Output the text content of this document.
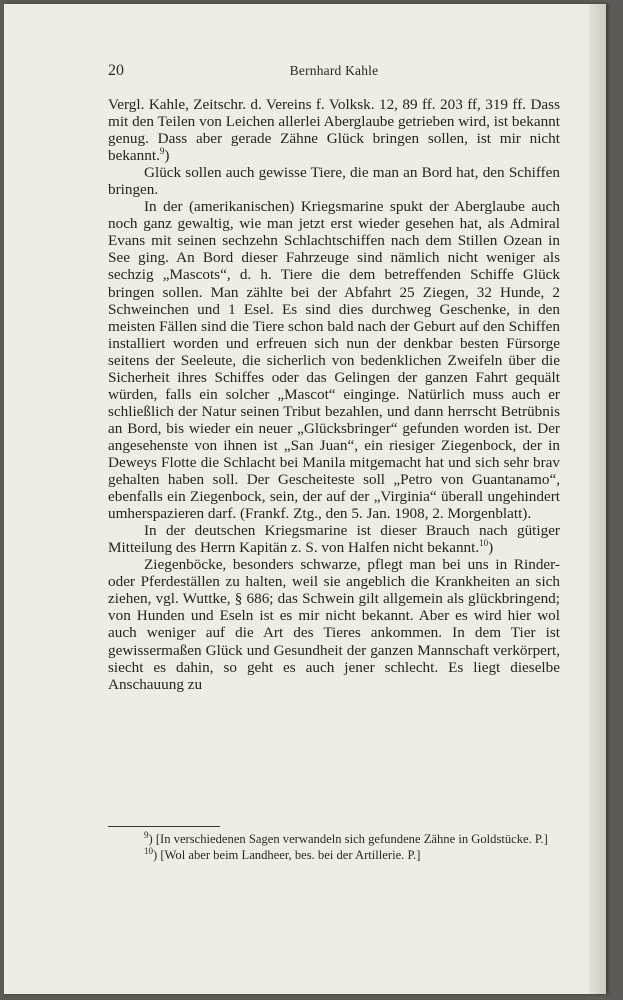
20	Bernhard Kahle

Vergl. Kahle, Zeitschr. d. Vereins f. Volksk. 12, 89 ff. 203 ff, 319 ff. Dass mit den Teilen von Leichen allerlei Aberglaube getrieben wird, ist bekannt genug. Dass aber gerade Zähne Glück bringen sollen, ist mir nicht bekannt.$^9$)

Glück sollen auch gewisse Tiere, die man an Bord hat, den Schiffen bringen.

In der (amerikanischen) Kriegsmarine spukt der Aberglaube auch noch ganz gewaltig, wie man jetzt erst wieder gesehen hat, als Admiral Evans mit seinen sechzehn Schlachtschiffen nach dem Stillen Ozean in See ging. An Bord dieser Fahrzeuge sind nämlich nicht weniger als sechzig „Mascots“, d. h. Tiere die dem betreffenden Schiffe Glück bringen sollen. Man zählte bei der Abfahrt 25 Ziegen, 32 Hunde, 2 Schweinchen und 1 Esel. Es sind dies durchweg Geschenke, in den meisten Fällen sind die Tiere schon bald nach der Geburt auf den Schiffen installiert worden und erfreuen sich nun der denkbar besten Fürsorge seitens der Seeleute, die sicherlich von bedenklichen Zweifeln über die Sicherheit ihres Schiffes oder das Gelingen der ganzen Fahrt gequält würden, falls ein solcher „Mascot“ einginge. Natürlich muss auch er schließlich der Natur seinen Tribut bezahlen, und dann herrscht Betrübnis an Bord, bis wieder ein neuer „Glücksbringer“ gefunden worden ist. Der angesehenste von ihnen ist „San Juan“, ein riesiger Ziegenbock, der in Deweys Flotte die Schlacht bei Manila mitgemacht hat und sich sehr brav gehalten haben soll. Der Gescheiteste soll „Petro von Guantanamo“, ebenfalls ein Ziegenbock, sein, der auf der „Virginia“ überall ungehindert umherspazieren darf. (Frankf. Ztg., den 5. Jan. 1908, 2. Morgenblatt).

In der deutschen Kriegsmarine ist dieser Brauch nach gütiger Mitteilung des Herrn Kapitän z. S. von Halfen nicht bekannt.$^{10}$)

Ziegenböcke, besonders schwarze, pflegt man bei uns in Rinder- oder Pferdeställen zu halten, weil sie angeblich die Krankheiten an sich ziehen, vgl. Wuttke, § 686; das Schwein gilt allgemein als glückbringend; von Hunden und Eseln ist es mir nicht bekannt. Aber es wird hier wol auch weniger auf die Art des Tieres ankommen. In dem Tier ist gewissermaßen Glück und Gesundheit der ganzen Mannschaft verkörpert, siecht es dahin, so geht es auch jener schlecht. Es liegt dieselbe Anschauung zu

$^9$) [In verschiedenen Sagen verwandeln sich gefundene Zähne in Goldstücke. P.]

$^{10}$) [Wol aber beim Landheer, bes. bei der Artillerie. P.]
